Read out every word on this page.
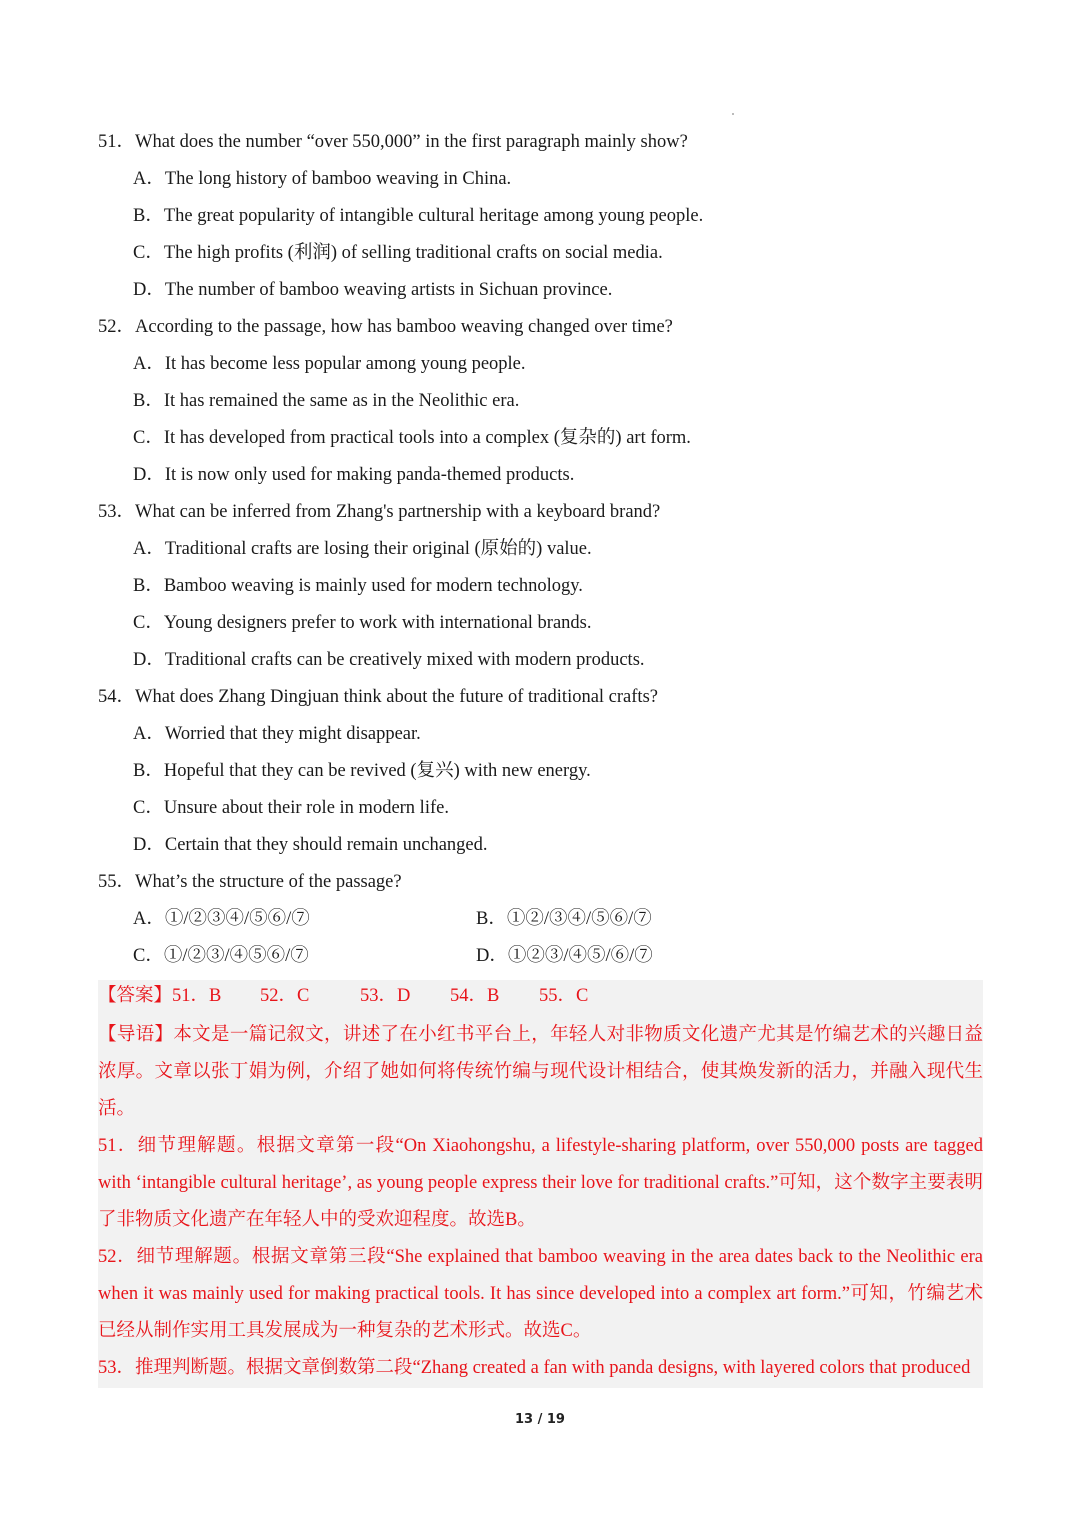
51．What does the number “over 550,000” in the first paragraph mainly show?
A．The long history of bamboo weaving in China.
B．The great popularity of intangible cultural heritage among young people.
C．The high profits (利润) of selling traditional crafts on social media.
D．The number of bamboo weaving artists in Sichuan province.
52．According to the passage, how has bamboo weaving changed over time?
A．It has become less popular among young people.
B．It has remained the same as in the Neolithic era.
C．It has developed from practical tools into a complex (复杂的) art form.
D．It is now only used for making panda-themed products.
53．What can be inferred from Zhang's partnership with a keyboard brand?
A．Traditional crafts are losing their original (原始的) value.
B．Bamboo weaving is mainly used for modern technology.
C．Young designers prefer to work with international brands.
D．Traditional crafts can be creatively mixed with modern products.
54．What does Zhang Dingjuan think about the future of traditional crafts?
A．Worried that they might disappear.
B．Hopeful that they can be revived (复兴) with new energy.
C．Unsure about their role in modern life.
D．Certain that they should remain unchanged.
55．What’s the structure of the passage?
A．①/②③④/⑤⑥/⑦	B．①②/③④/⑤⑥/⑦
C．①/②③/④⑤⑥/⑦	D．①②③/④⑤/⑥/⑦
【答案】 51．B	52．C	53．D	54．B	55．C
【导语】本文是一篇记叙文，讲述了在小红书平台上，年轻人对非物质文化遗产尤其是竹编艺术的兴趣日益浓厚。文章以张丁娟为例，介绍了她如何将传统竹编与现代设计相结合，使其焕发新的活力，并融入现代生活。
51．细节理解题。根据文章第一段“On Xiaohongshu, a lifestyle-sharing platform, over 550,000 posts are tagged with ‘intangible cultural heritage’, as young people express their love for traditional crafts.”可知，这个数字主要表明了非物质文化遗产在年轻人中的受欢迎程度。故选B。
52．细节理解题。根据文章第三段“She explained that bamboo weaving in the area dates back to the Neolithic era when it was mainly used for making practical tools. It has since developed into a complex art form.”可知，竹编艺术已经从制作实用工具发展成为一种复杂的艺术形式。故选C。
53．推理判断题。根据文章倒数第二段“Zhang created a fan with panda designs, with layered colors that produced
13 / 19
